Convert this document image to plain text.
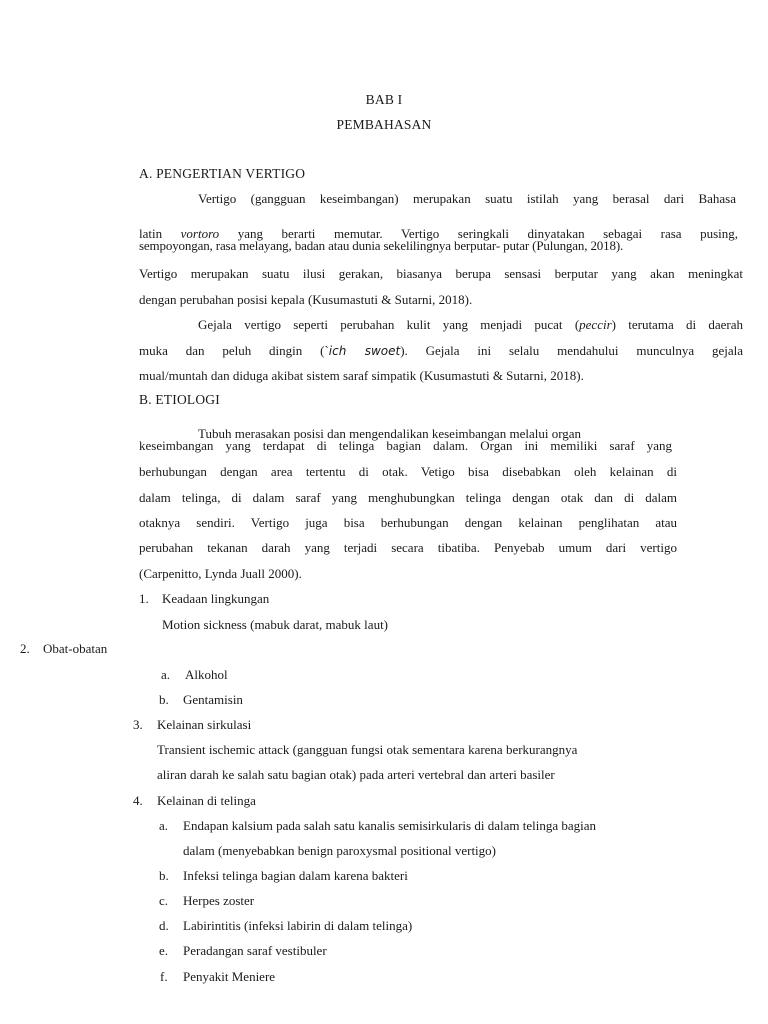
BAB I
PEMBAHASAN
A. PENGERTIAN VERTIGO
Vertigo (gangguan keseimbangan) merupakan suatu istilah yang berasal dari Bahasa
latin vortoro yang berarti memutar. Vertigo seringkali dinyatakan sebagai rasa pusing,
sempoyongan, rasa melayang, badan atau dunia sekelilingnya berputar- putar (Pulungan, 2018).
Vertigo merupakan suatu ilusi gerakan, biasanya berupa sensasi berputar yang akan meningkat
dengan perubahan posisi kepala (Kusumastuti & Sutarni, 2018).
Gejala vertigo seperti perubahan kulit yang menjadi pucat (peccir) terutama di daerah
muka dan peluh dingin (`ich swoet). Gejala ini selalu mendahului munculnya gejala
mual/muntah dan diduga akibat sistem saraf simpatik (Kusumastuti & Sutarni, 2018).
B. ETIOLOGI
Tubuh merasakan posisi dan mengendalikan keseimbangan melalui organ
keseimbangan yang terdapat di telinga bagian dalam. Organ ini memiliki saraf yang
berhubungan dengan area tertentu di otak. Vetigo bisa disebabkan oleh kelainan di
dalam telinga, di dalam saraf yang menghubungkan telinga dengan otak dan di dalam
otaknya sendiri. Vertigo juga bisa berhubungan dengan kelainan penglihatan atau
perubahan tekanan darah yang terjadi secara tibatiba. Penyebab umum dari vertigo
(Carpenitto, Lynda Juall 2000).
1. Keadaan lingkungan
Motion sickness (mabuk darat, mabuk laut)
2. Obat-obatan
a. Alkohol
b. Gentamisin
3. Kelainan sirkulasi
Transient ischemic attack (gangguan fungsi otak sementara karena berkurangnya
aliran darah ke salah satu bagian otak) pada arteri vertebral dan arteri basiler
4. Kelainan di telinga
a. Endapan kalsium pada salah satu kanalis semisirkularis di dalam telinga bagian
dalam (menyebabkan benign paroxysmal positional vertigo)
b. Infeksi telinga bagian dalam karena bakteri
c. Herpes zoster
d. Labirintitis (infeksi labirin di dalam telinga)
e. Peradangan saraf vestibuler
f. Penyakit Meniere
